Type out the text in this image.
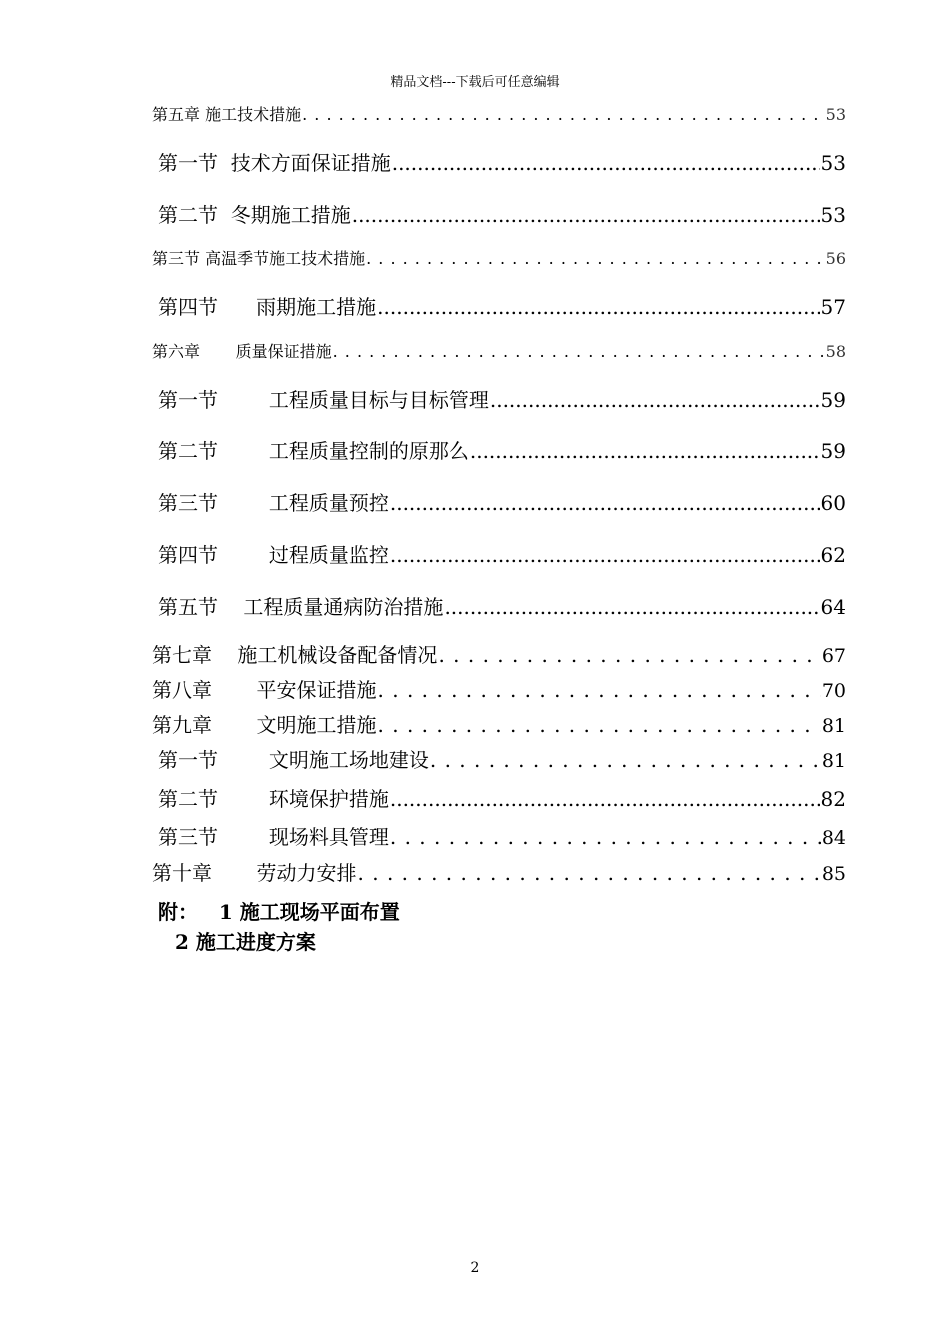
精品文档---下载后可任意编辑
第五章 施工技术措施 . . .	53
第一节  技术方面保证措施 .....	53
第二节  冬期施工措施 .....	53
第三节 高温季节施工技术措施 . . .	56
第四节      雨期施工措施 .....	57
第六章       质量保证措施 . . .	58
第一节        工程质量目标与目标管理 .....	59
第二节        工程质量控制的原那么 .....	59
第三节        工程质量预控 .....	60
第四节        过程质量监控 .....	62
第五节    工程质量通病防治措施 .....	64
第七章    施工机械设备配备情况 . . .	67
第八章       平安保证措施 . . .	70
第九章       文明施工措施 . . .	81
第一节        文明施工场地建设 . . .	81
第二节        环境保护措施 .....	82
第三节        现场料具管理 . . .	84
第十章       劳动力安排 . . .	85
附：   1 施工现场平面布置
2 施工进度方案
2
